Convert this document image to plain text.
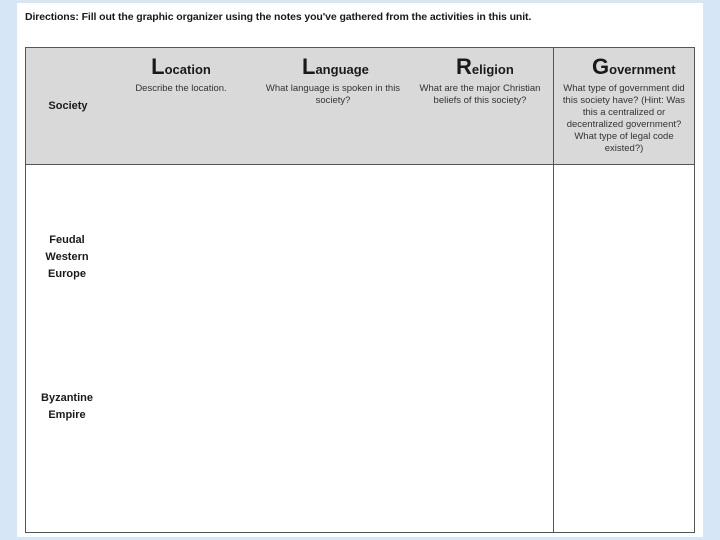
Directions: Fill out the graphic organizer using the notes you've gathered from the activities in this unit.
Society
Location
Describe the location.
Language
What language is spoken in this society?
Religion
What are the major Christian beliefs of this society?
Government
What type of government did this society have? (Hint: Was this a centralized or decentralized government? What type of legal code existed?)
Feudal Western Europe
Byzantine Empire
